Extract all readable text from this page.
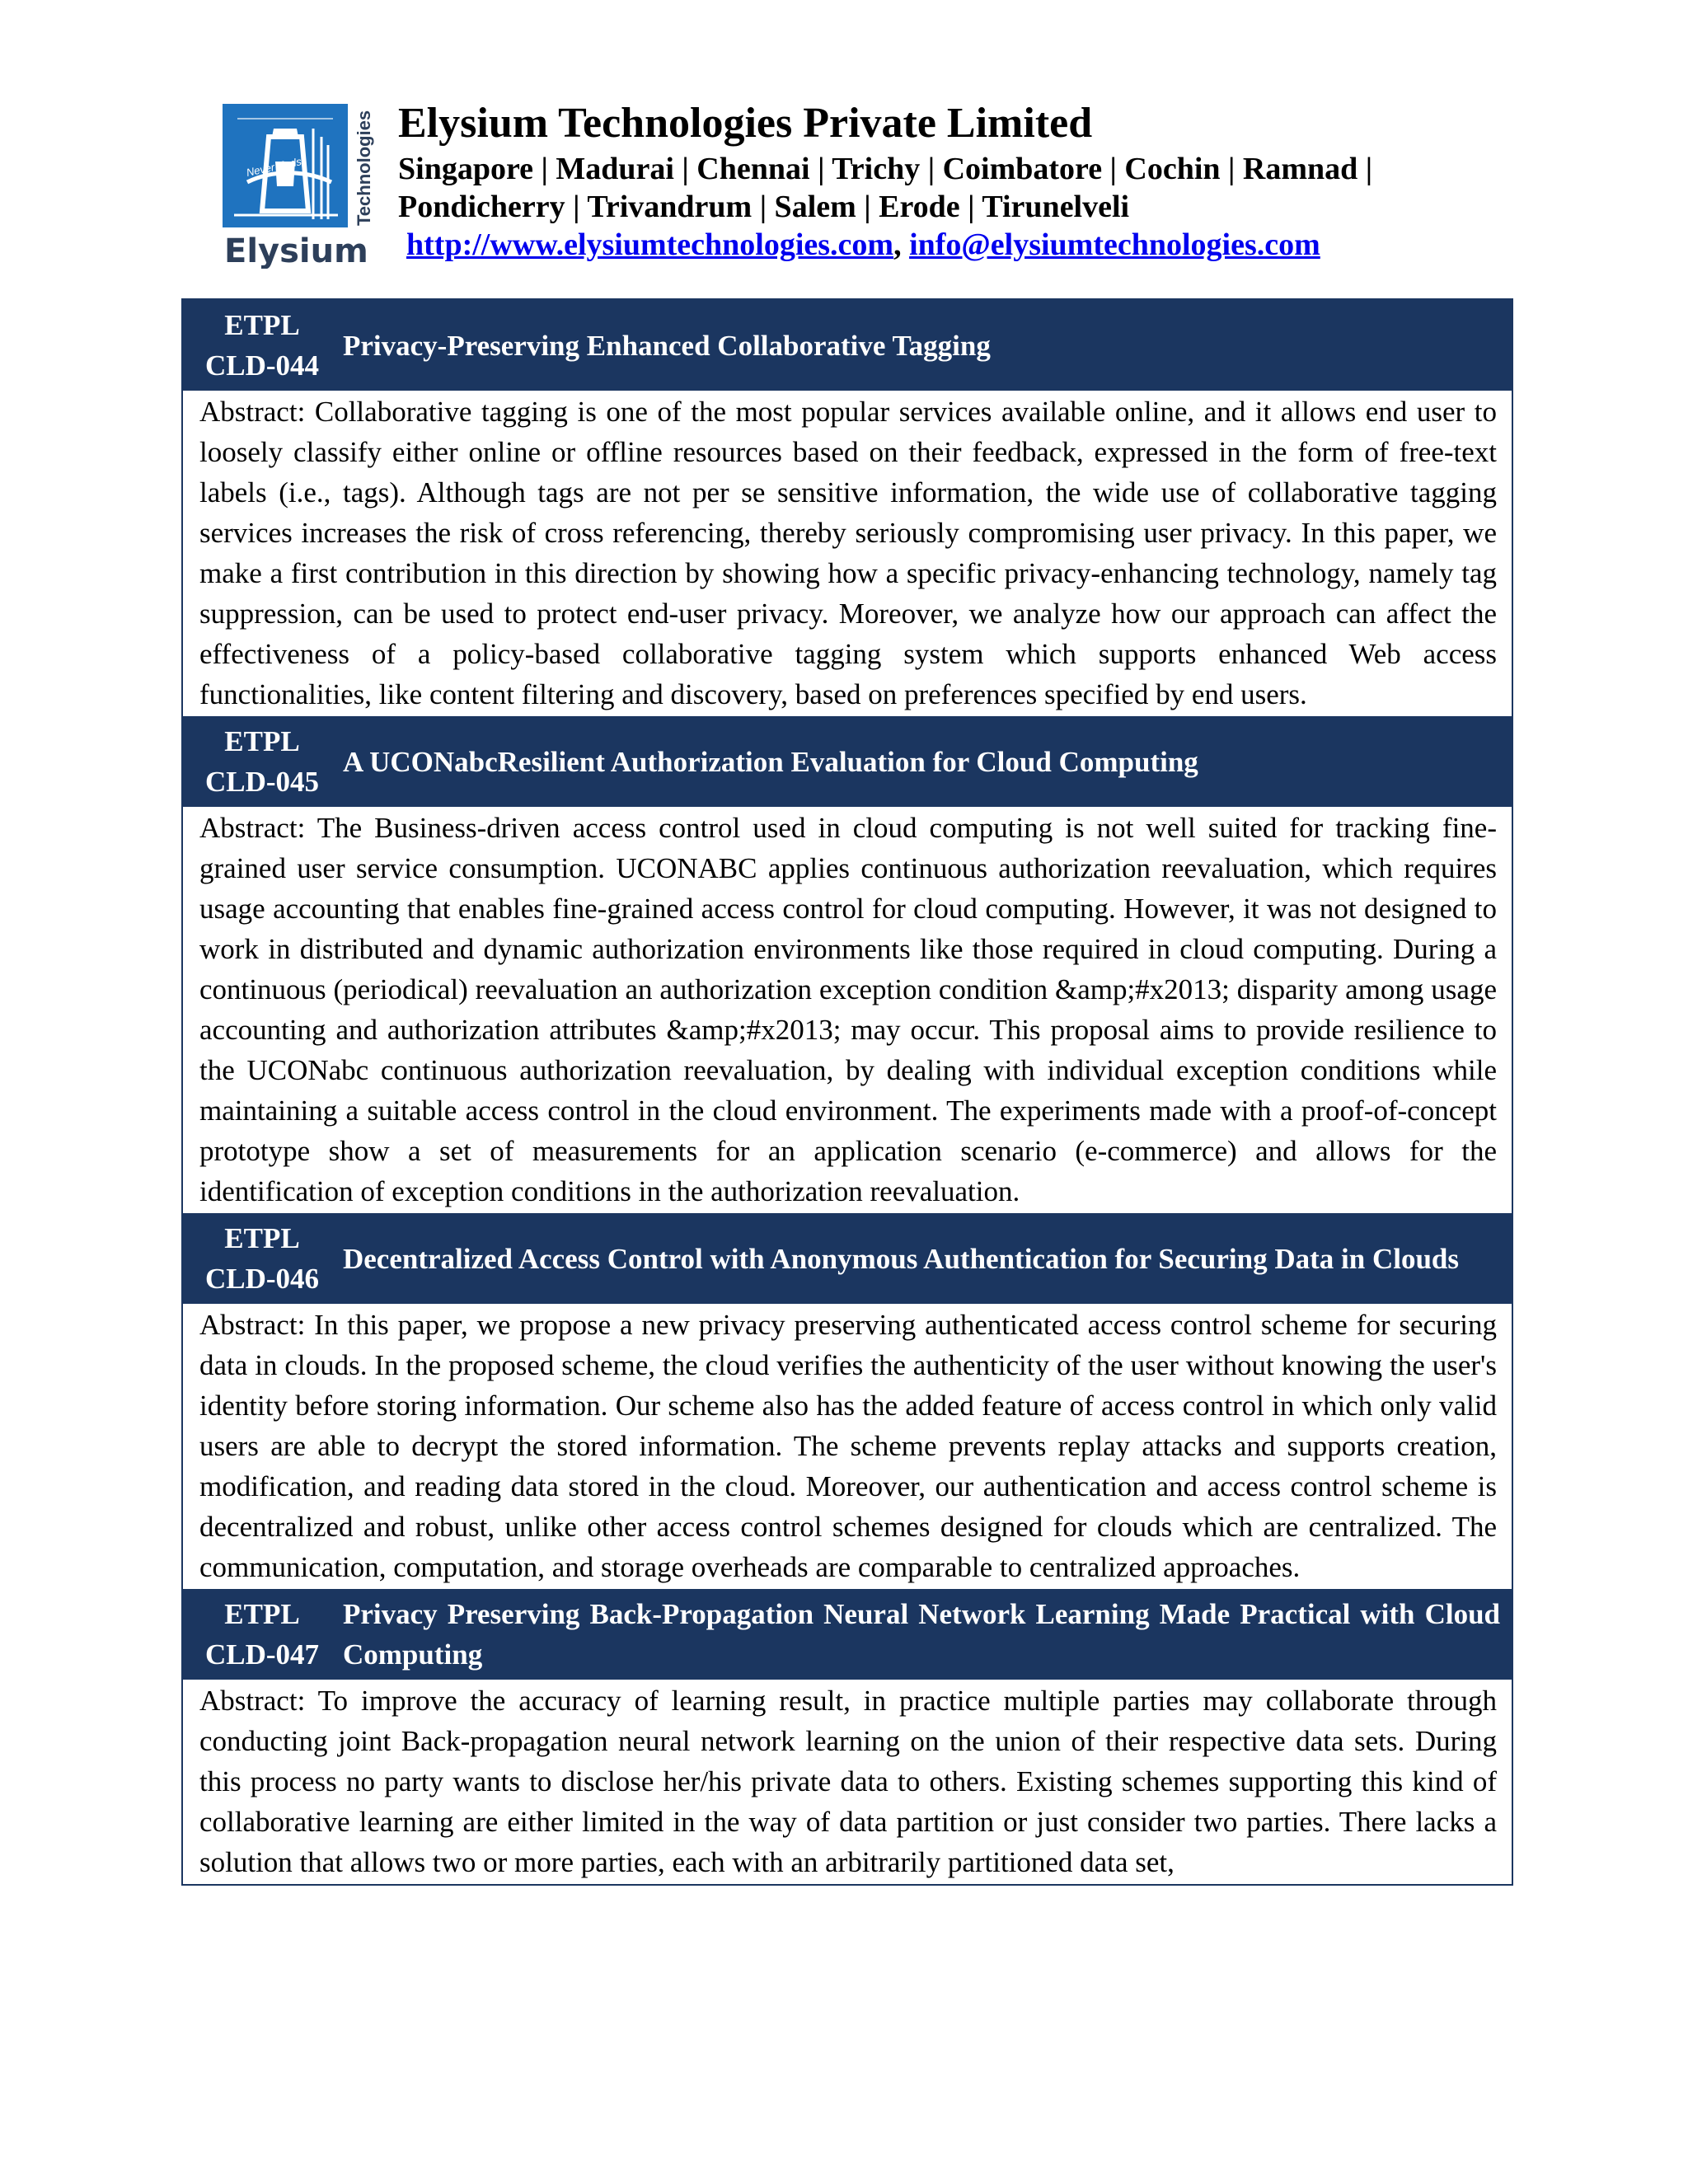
Never Ends	Technologies
Elysium

Elysium Technologies Private Limited

Singapore | Madurai | Chennai | Trichy | Coimbatore | Cochin | Ramnad | Pondicherry | Trivandrum | Salem | Erode | Tirunelveli

http://www.elysiumtechnologies.com, info@elysiumtechnologies.com

ETPL
CLD-044
Privacy-Preserving Enhanced Collaborative Tagging
Abstract: Collaborative tagging is one of the most popular services available online, and it allows end user to loosely classify either online or offline resources based on their feedback, expressed in the form of free-text labels (i.e., tags). Although tags are not per se sensitive information, the wide use of collaborative tagging services increases the risk of cross referencing, thereby seriously compromising user privacy. In this paper, we make a first contribution in this direction by showing how a specific privacy-enhancing technology, namely tag suppression, can be used to protect end-user privacy. Moreover, we analyze how our approach can affect the effectiveness of a policy-based collaborative tagging system which supports enhanced Web access functionalities, like content filtering and discovery, based on preferences specified by end users.
ETPL
CLD-045
A UCONabcResilient Authorization Evaluation for Cloud Computing
Abstract: The Business-driven access control used in cloud computing is not well suited for tracking fine-grained user service consumption. UCONABC applies continuous authorization reevaluation, which requires usage accounting that enables fine-grained access control for cloud computing. However, it was not designed to work in distributed and dynamic authorization environments like those required in cloud computing. During a continuous (periodical) reevaluation an authorization exception condition &amp;#x2013; disparity among usage accounting and authorization attributes &amp;#x2013; may occur. This proposal aims to provide resilience to the UCONabc continuous authorization reevaluation, by dealing with individual exception conditions while maintaining a suitable access control in the cloud environment. The experiments made with a proof-of-concept prototype show a set of measurements for an application scenario (e-commerce) and allows for the identification of exception conditions in the authorization reevaluation.
ETPL
CLD-046
Decentralized Access Control with Anonymous Authentication for Securing Data in Clouds
Abstract: In this paper, we propose a new privacy preserving authenticated access control scheme for securing data in clouds. In the proposed scheme, the cloud verifies the authenticity of the user without knowing the user's identity before storing information. Our scheme also has the added feature of access control in which only valid users are able to decrypt the stored information. The scheme prevents replay attacks and supports creation, modification, and reading data stored in the cloud. Moreover, our authentication and access control scheme is decentralized and robust, unlike other access control schemes designed for clouds which are centralized. The communication, computation, and storage overheads are comparable to centralized approaches.
ETPL
CLD-047
Privacy Preserving Back-Propagation Neural Network Learning Made Practical with Cloud Computing
Abstract: To improve the accuracy of learning result, in practice multiple parties may collaborate through conducting joint Back-propagation neural network learning on the union of their respective data sets. During this process no party wants to disclose her/his private data to others. Existing schemes supporting this kind of collaborative learning are either limited in the way of data partition or just consider two parties. There lacks a solution that allows two or more parties, each with an arbitrarily partitioned data set,
